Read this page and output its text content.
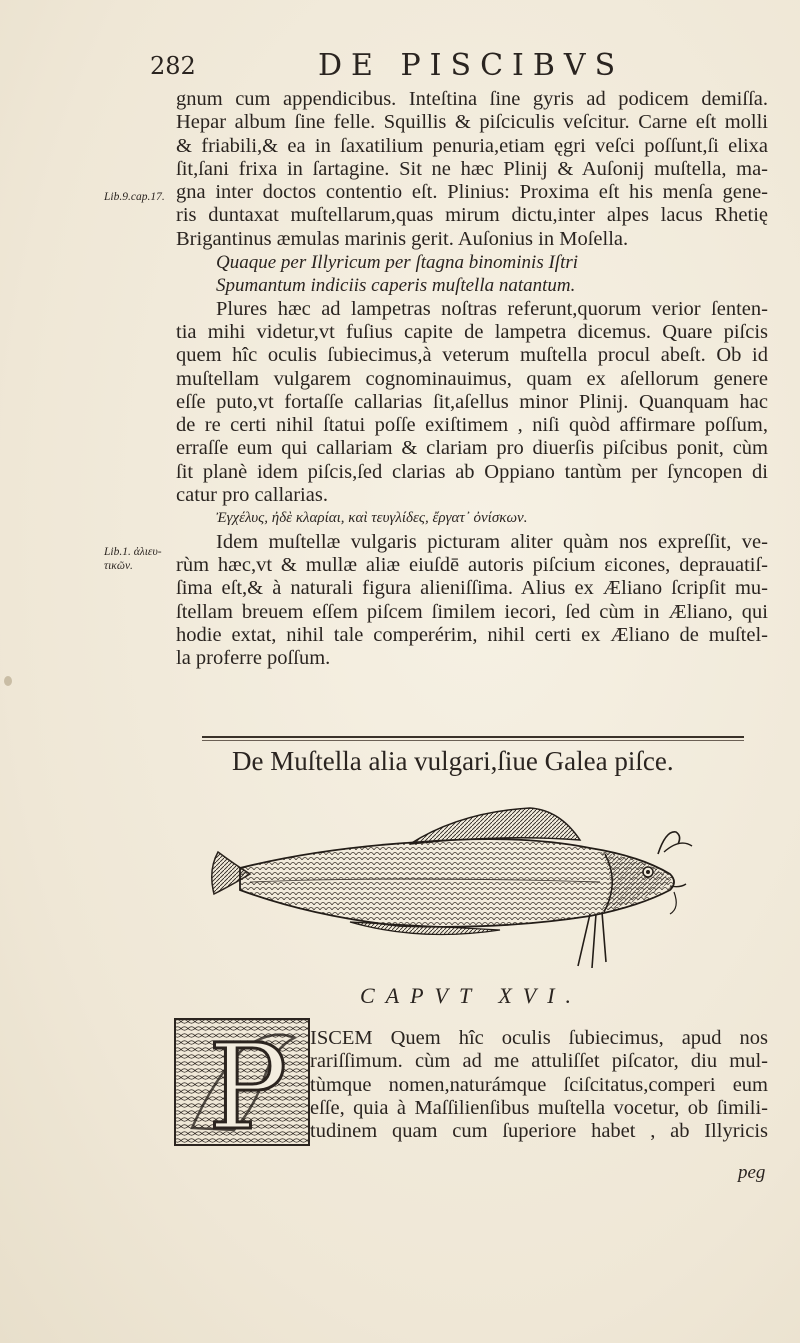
282	DE PISCIBVS
Lib.9.cap.17.
Lib.1. ἁλιευ-
τικῶν.
gnum cum appendicibus. Inteſtina ſine gyris ad podicem demiſſa.
Hepar album ſine felle. Squillis & piſciculis veſcitur. Carne eſt molli
& friabili,& ea in ſaxatilium penuria,etiam ęgri veſci poſſunt,ſi elixa
ſit,ſani frixa in ſartagine. Sit ne hæc Plinij & Auſonij muſtella, ma-
gna inter doctos contentio eſt. Plinius: Proxima eſt his menſa gene-
ris duntaxat muſtellarum,quas mirum dictu,inter alpes lacus Rhetię
Brigantinus æmulas marinis gerit. Auſonius in Moſella.
Quaque per Illyricum per ſtagna binominis Iſtri
Spumantum indiciis caperis muſtella natantum.
Plures hæc ad lampetras noſtras referunt,quorum verior ſenten-
tia mihi videtur,vt fuſius capite de lampetra dicemus. Quare piſcis
quem hîc oculis ſubiecimus,à veterum muſtella procul abeſt. Ob id
muſtellam vulgarem cognominauimus, quam ex aſellorum genere
eſſe puto,vt fortaſſe callarias ſit,aſellus minor Plinij. Quanquam hac
de re certi nihil ſtatui poſſe exiſtimem , niſi quòd affirmare poſſum,
erraſſe eum qui callariam & clariam pro diuerſis piſcibus ponit, cùm
ſit planè idem piſcis,ſed clarias ab Oppiano tantùm per ſyncopen di
catur pro callarias.
Ἐγχέλυς, ἠδὲ κλαρίαι, καὶ τευγλίδες, ἔργατ᾽ ὀνίσκων.
Idem muſtellæ vulgaris picturam aliter quàm nos expreſſit, ve-
rùm hæc,vt & mullæ aliæ eiuſdē autoris piſcium εicones, deprauatiſ-
ſima eſt,& à naturali figura alieniſſima. Alius ex Æliano ſcripſit mu-
ſtellam breuem eſſem piſcem ſimilem iecori, ſed cùm in Æliano, qui
hodie extat, nihil tale comperérim, nihil certi ex Æliano de muſtel-
la proferre poſſum.
De Muſtella alia vulgari,ſiue Galea piſce.
CAPVT XVI.
P ISCEM Quem hîc oculis ſubiecimus, apud nos
rariſſimum. cùm ad me attuliſſet piſcator, diu mul-
tùmque nomen,naturámque ſciſcitatus,comperi eum
eſſe, quia à Maſſilienſibus muſtella vocetur, ob ſimili-
tudinem quam cum ſuperiore habet , ab Illyricis
peg
